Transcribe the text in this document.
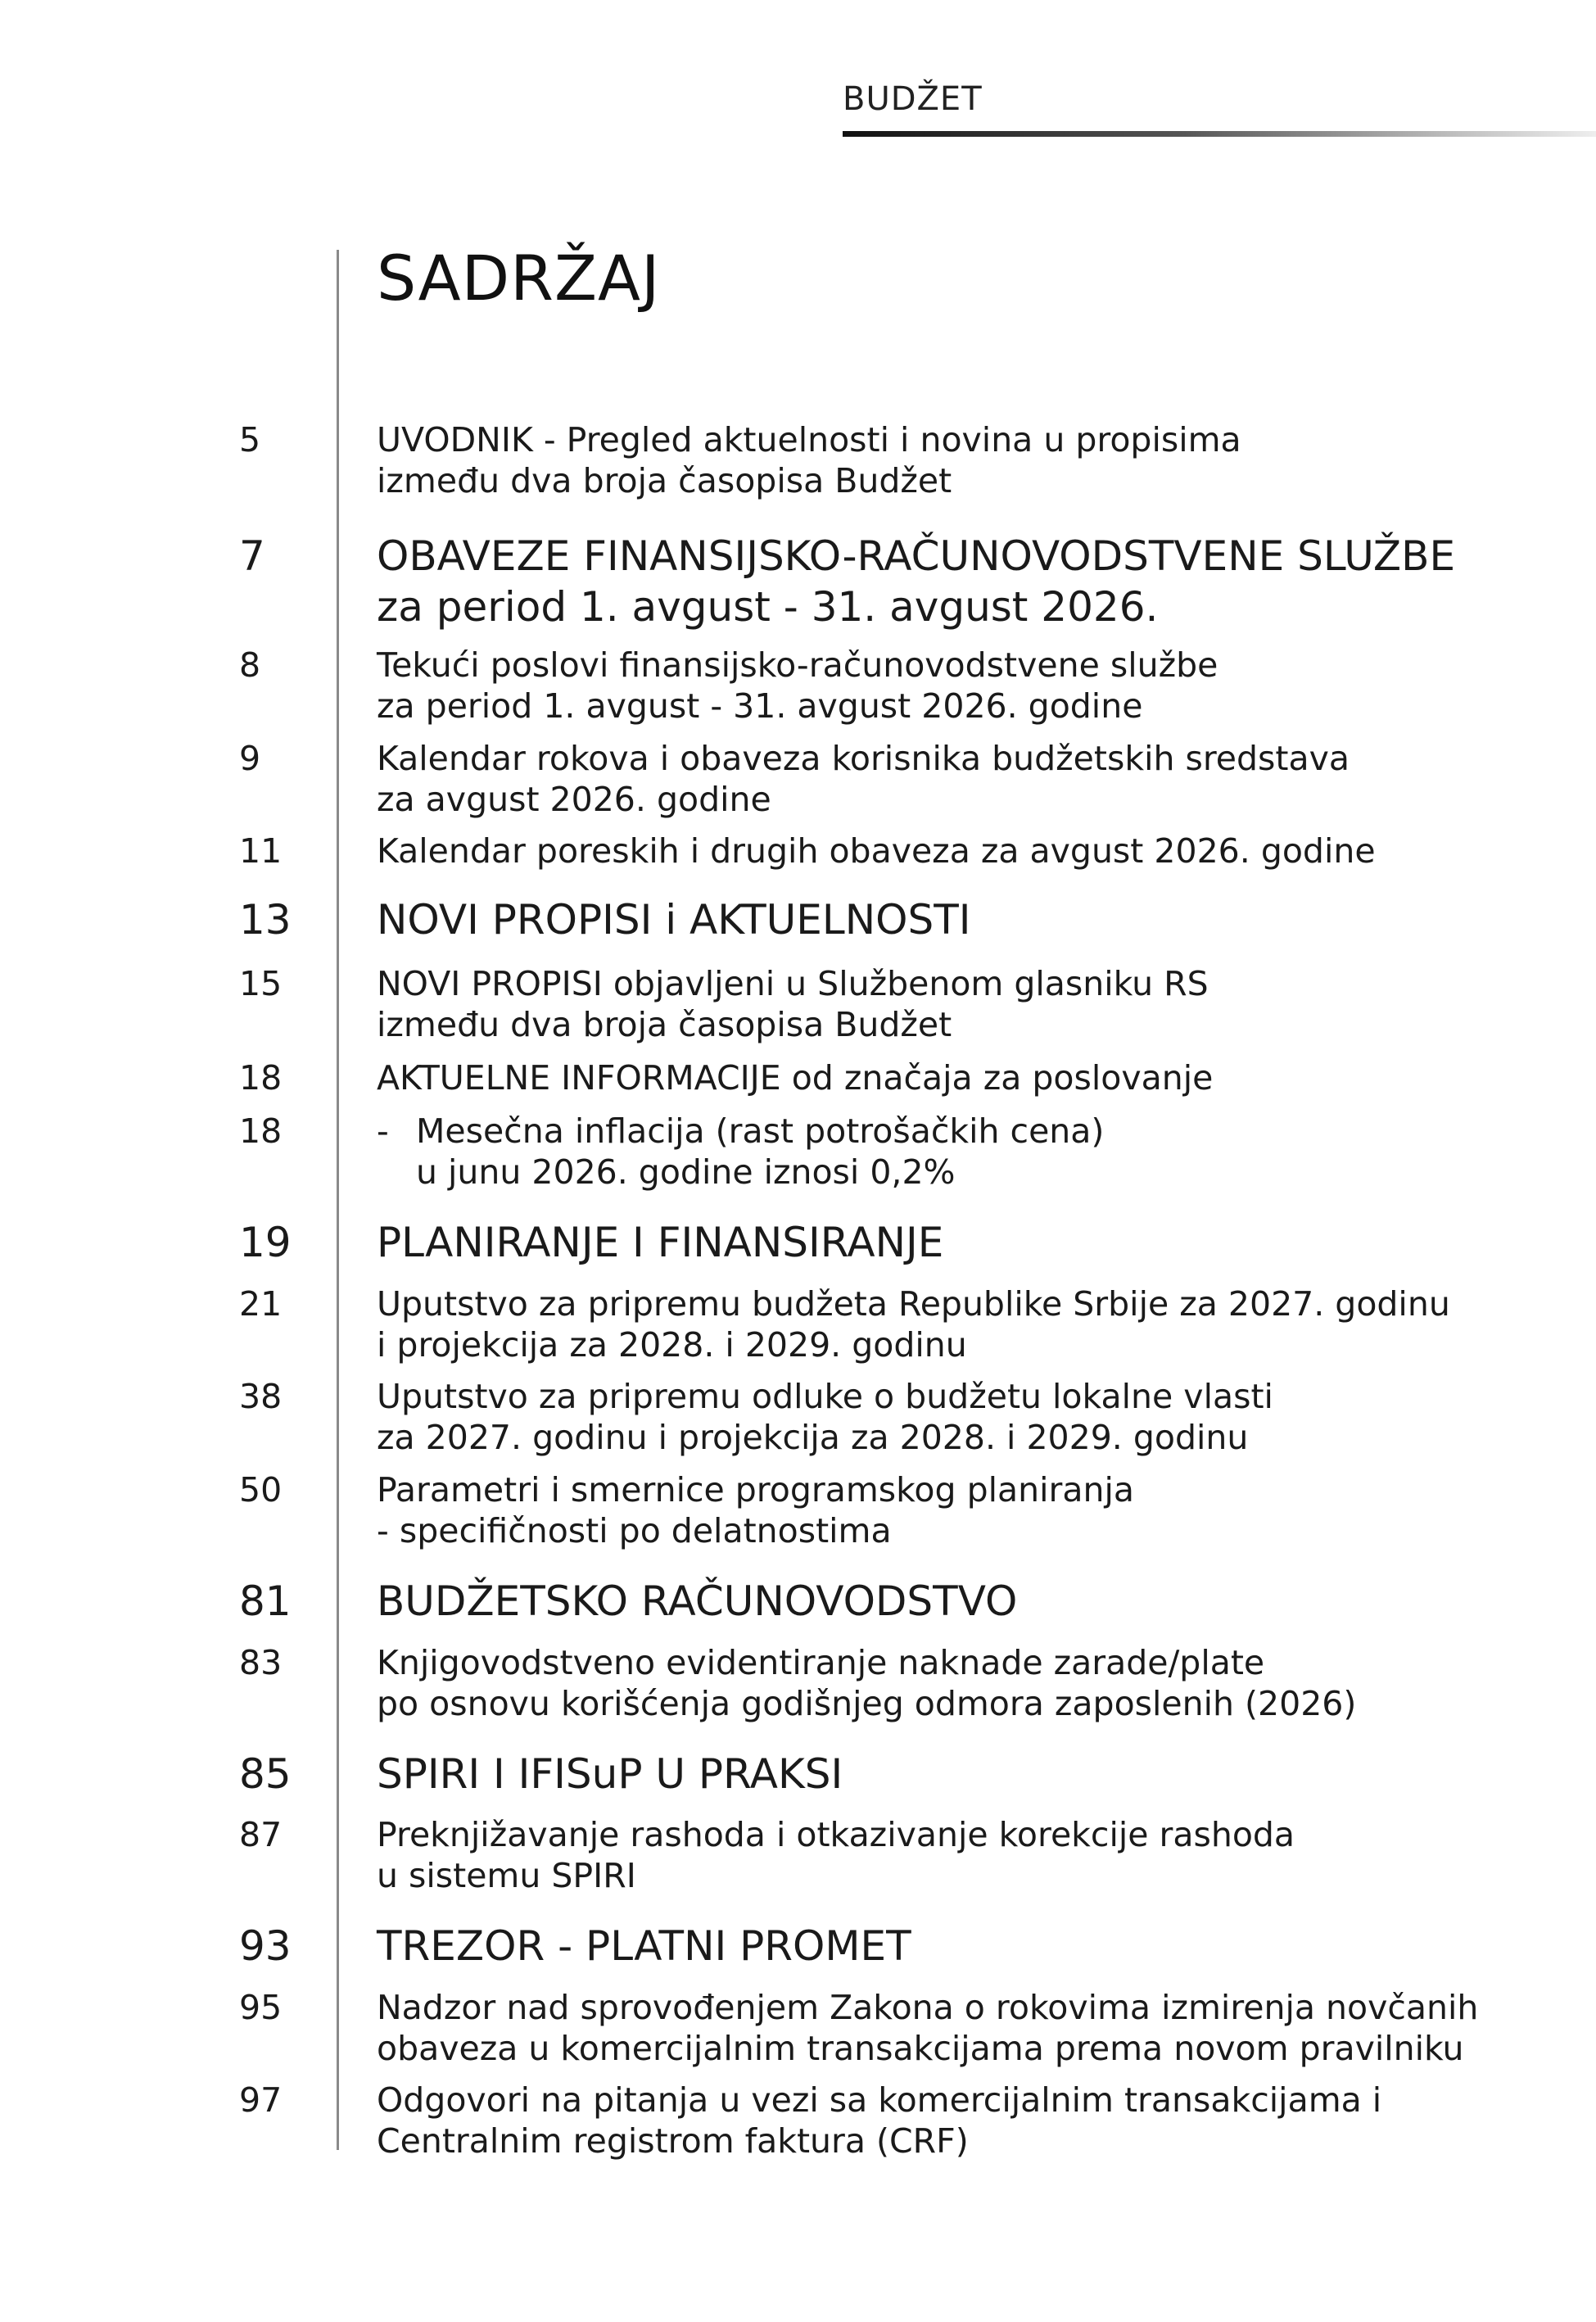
BUDŽET
SADRŽAJ
5	UVODNIK - Pregled aktuelnosti i novina u propisima
između dva broja časopisa Budžet
7	OBAVEZE FINANSIJSKO-RAČUNOVODSTVENE SLUŽBE
za period 1. avgust - 31. avgust 2026.
8	Tekući poslovi finansijsko-računovodstvene službe
za period 1. avgust - 31. avgust 2026. godine
9	Kalendar rokova i obaveza korisnika budžetskih sredstava
za avgust 2026. godine
11	Kalendar poreskih i drugih obaveza za avgust 2026. godine
13 NOVI PROPISI i AKTUELNOSTI
15	NOVI PROPISI objavljeni u Službenom glasniku RS
između dva broja časopisa Budžet
18	AKTUELNE INFORMACIJE od značaja za poslovanje
18	- Mesečna inflacija (rast potrošačkih cena)
u junu 2026. godine iznosi 0,2%
19 PLANIRANJE I FINANSIRANJE
21	Uputstvo za pripremu budžeta Republike Srbije za 2027. godinu
i projekcija za 2028. i 2029. godinu
38	Uputstvo za pripremu odluke o budžetu lokalne vlasti
za 2027. godinu i projekcija za 2028. i 2029. godinu
50	Parametri i smernice programskog planiranja
- specifičnosti po delatnostima
81 BUDŽETSKO RAČUNOVODSTVO
83	Knjigovodstveno evidentiranje naknade zarade/plate
po osnovu korišćenja godišnjeg odmora zaposlenih (2026)
85 SPIRI I IFISuP U PRAKSI
87	Preknjižavanje rashoda i otkazivanje korekcije rashoda
u sistemu SPIRI
93 TREZOR - PLATNI PROMET
95	Nadzor nad sprovođenjem Zakona o rokovima izmirenja novčanih
obaveza u komercijalnim transakcijama prema novom pravilniku
97	Odgovori na pitanja u vezi sa komercijalnim transakcijama i
Centralnim registrom faktura (CRF)
